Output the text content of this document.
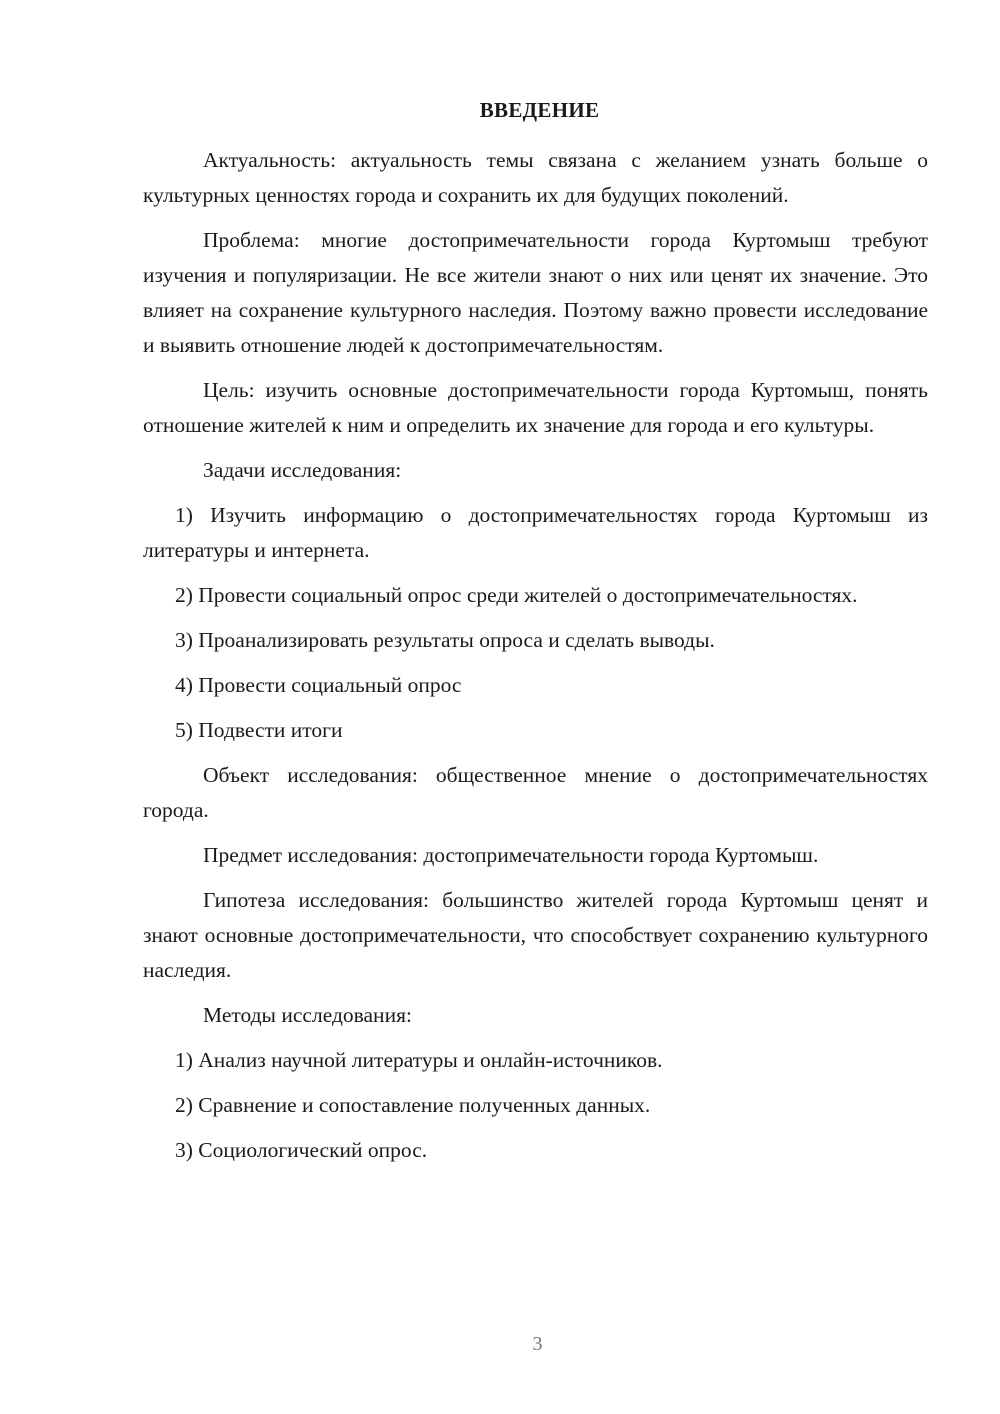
ВВЕДЕНИЕ

Актуальность: актуальность темы связана с желанием узнать больше о культурных ценностях города и сохранить их для будущих поколений.

Проблема: многие достопримечательности города Куртомыш требуют изучения и популяризации. Не все жители знают о них или ценят их значение. Это влияет на сохранение культурного наследия. Поэтому важно провести исследование и выявить отношение людей к достопримечательностям.

Цель: изучить основные достопримечательности города Куртомыш, понять отношение жителей к ним и определить их значение для города и его культуры.

Задачи исследования:

1) Изучить информацию о достопримечательностях города Куртомыш из литературы и интернета.

2) Провести социальный опрос среди жителей о достопримечательностях.

3) Проанализировать результаты опроса и сделать выводы.

4) Провести социальный опрос

5) Подвести итоги

Объект исследования: общественное мнение о достопримечательностях города.

Предмет исследования: достопримечательности города Куртомыш.

Гипотеза исследования: большинство жителей города Куртомыш ценят и знают основные достопримечательности, что способствует сохранению культурного наследия.

Методы исследования:

1) Анализ научной литературы и онлайн-источников.

2) Сравнение и сопоставление полученных данных.

3) Социологический опрос.

3
